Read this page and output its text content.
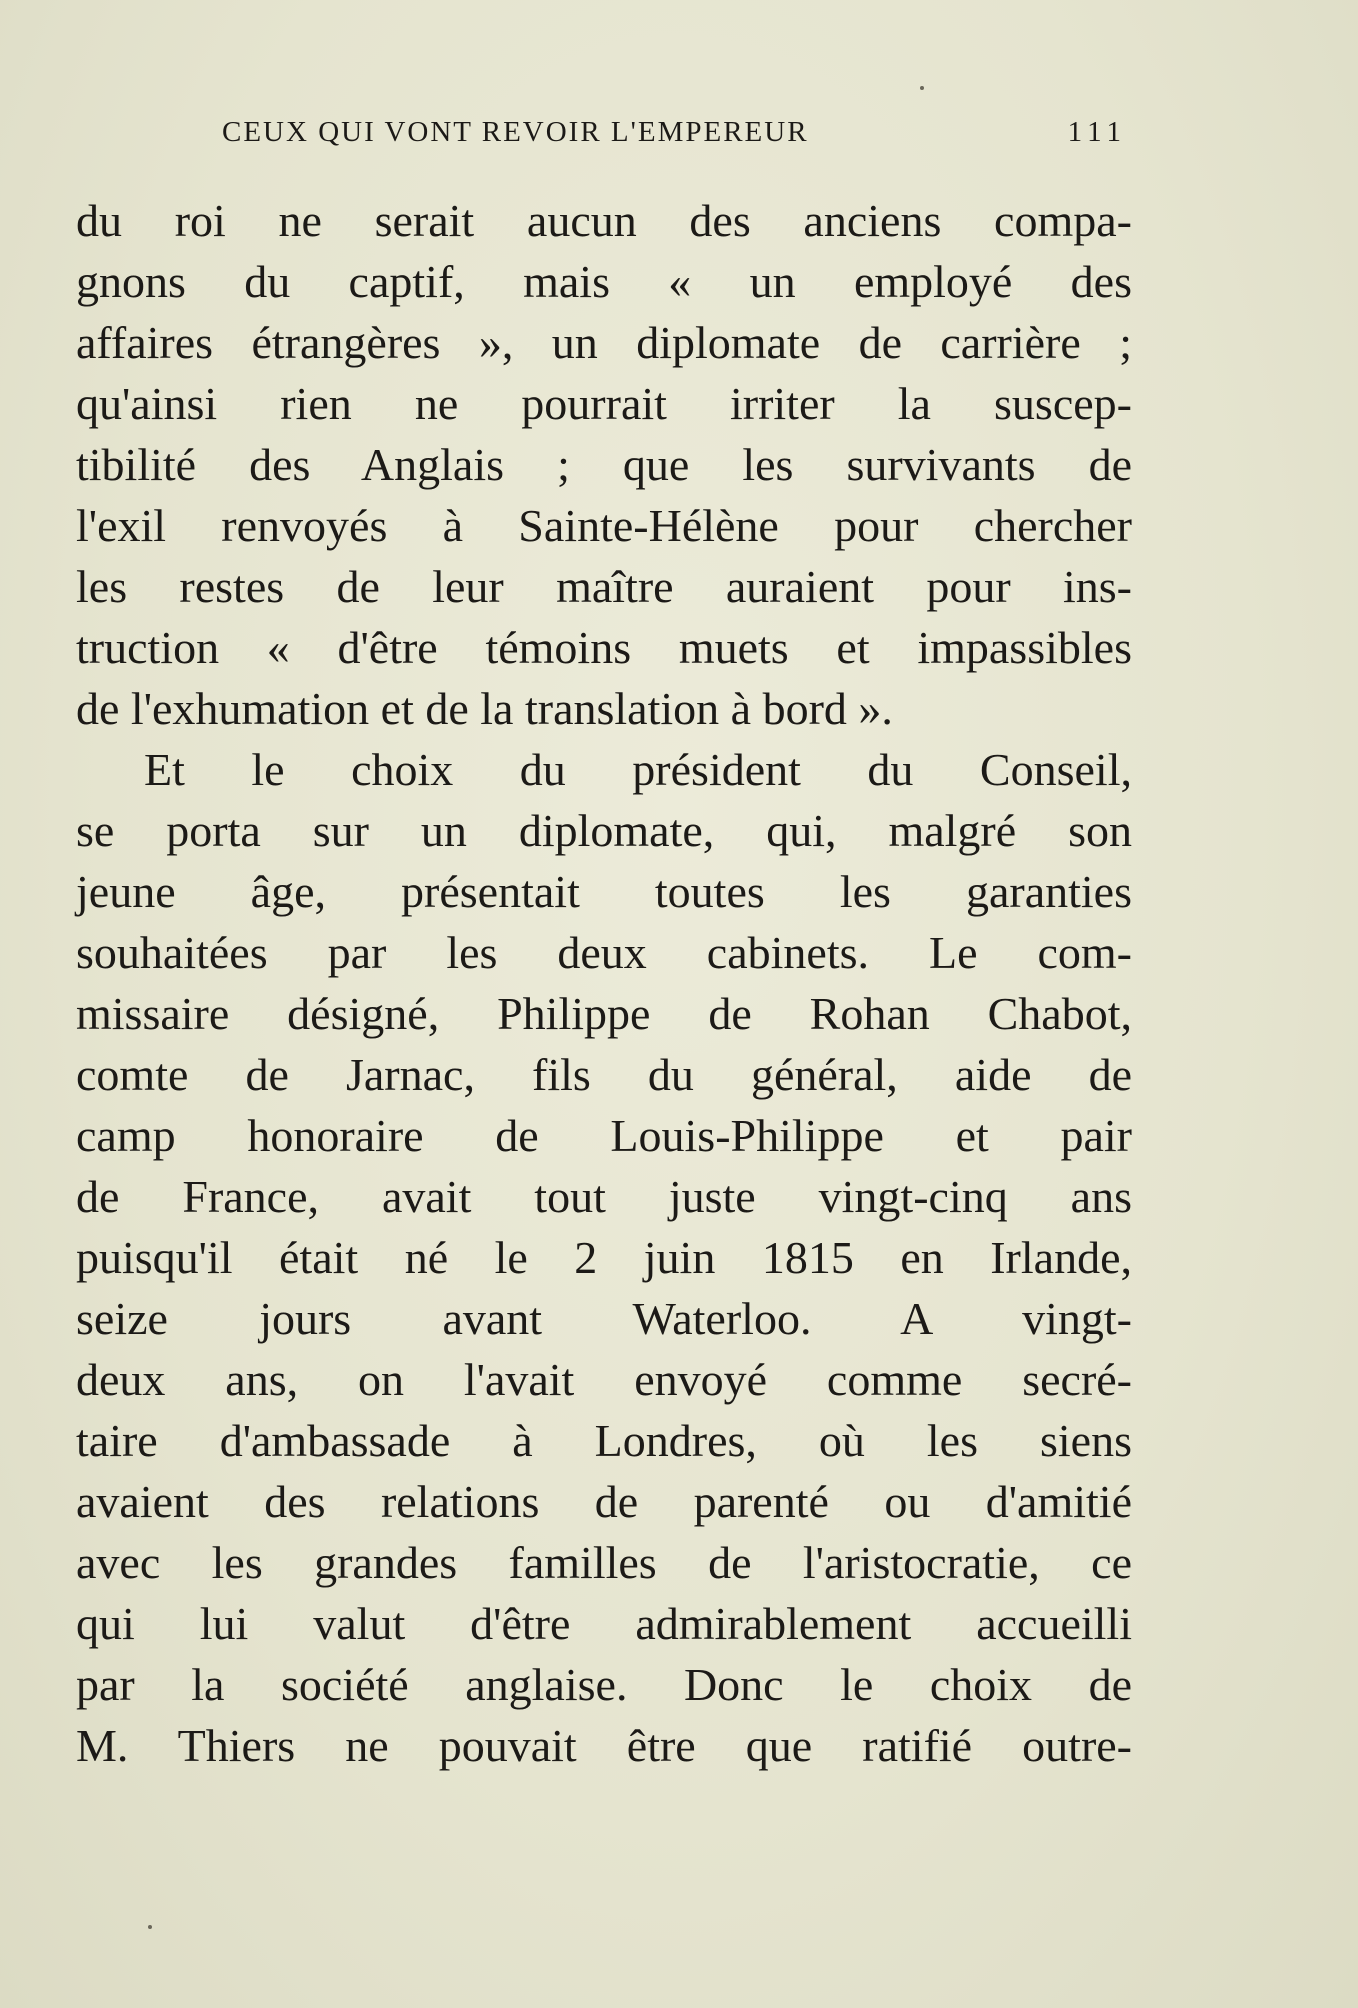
CEUX QUI VONT REVOIR L'EMPEREUR	111
du roi ne serait aucun des anciens compa-
gnons du captif, mais « un employé des
affaires étrangères », un diplomate de carrière ;
qu'ainsi rien ne pourrait irriter la suscep-
tibilité des Anglais ; que les survivants de
l'exil renvoyés à Sainte-Hélène pour chercher
les restes de leur maître auraient pour ins-
truction « d'être témoins muets et impassibles
de l'exhumation et de la translation à bord ».
Et le choix du président du Conseil,
se porta sur un diplomate, qui, malgré son
jeune âge, présentait toutes les garanties
souhaitées par les deux cabinets. Le com-
missaire désigné, Philippe de Rohan Chabot,
comte de Jarnac, fils du général, aide de
camp honoraire de Louis-Philippe et pair
de France, avait tout juste vingt-cinq ans
puisqu'il était né le 2 juin 1815 en Irlande,
seize jours avant Waterloo. A vingt-
deux ans, on l'avait envoyé comme secré-
taire d'ambassade à Londres, où les siens
avaient des relations de parenté ou d'amitié
avec les grandes familles de l'aristocratie, ce
qui lui valut d'être admirablement accueilli
par la société anglaise. Donc le choix de
M. Thiers ne pouvait être que ratifié outre-
